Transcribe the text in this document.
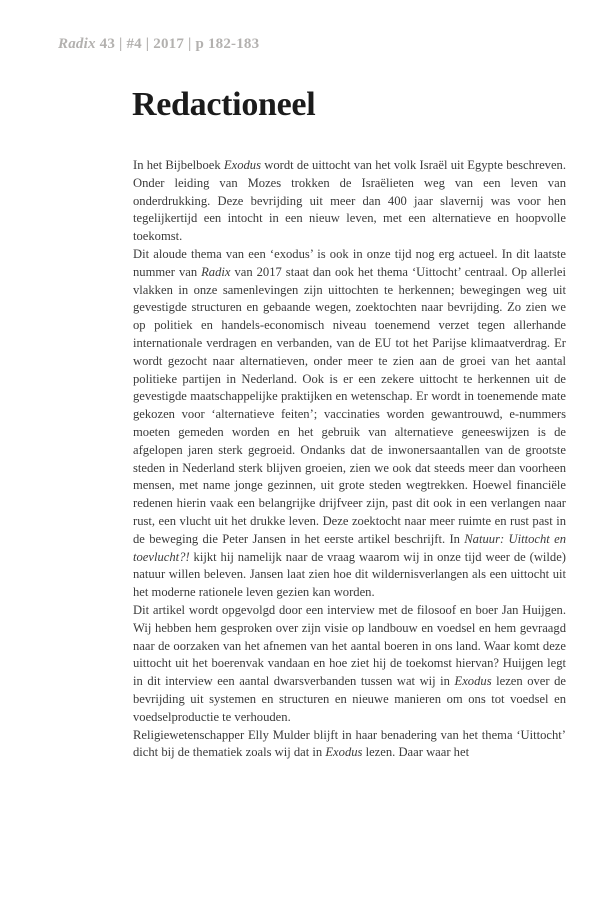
Radix 43 | #4 | 2017 | p 182-183
Redactioneel

In het Bijbelboek Exodus wordt de uittocht van het volk Israël uit Egypte beschreven. Onder leiding van Mozes trokken de Israëlieten weg van een leven van onderdrukking. Deze bevrijding uit meer dan 400 jaar slavernij was voor hen tegelijkertijd een intocht in een nieuw leven, met een alternatieve en hoopvolle toekomst.

Dit aloude thema van een ‘exodus’ is ook in onze tijd nog erg actueel. In dit laatste nummer van Radix van 2017 staat dan ook het thema ‘Uittocht’ centraal. Op allerlei vlakken in onze samenlevingen zijn uittochten te herkennen; bewegingen weg uit gevestigde structuren en gebaande wegen, zoektochten naar bevrijding. Zo zien we op politiek en handels-economisch niveau toenemend verzet tegen allerhande internationale verdragen en verbanden, van de EU tot het Parijse klimaatverdrag. Er wordt gezocht naar alternatieven, onder meer te zien aan de groei van het aantal politieke partijen in Nederland. Ook is er een zekere uittocht te herkennen uit de gevestigde maatschappelijke praktijken en wetenschap. Er wordt in toenemende mate gekozen voor ‘alternatieve feiten’; vaccinaties worden gewantrouwd, e-nummers moeten gemeden worden en het gebruik van alternatieve geneeswijzen is de afgelopen jaren sterk gegroeid. Ondanks dat de inwonersaantallen van de grootste steden in Nederland sterk blijven groeien, zien we ook dat steeds meer dan voorheen mensen, met name jonge gezinnen, uit grote steden wegtrekken. Hoewel financiële redenen hierin vaak een belangrijke drijfveer zijn, past dit ook in een verlangen naar rust, een vlucht uit het drukke leven. Deze zoektocht naar meer ruimte en rust past in de beweging die Peter Jansen in het eerste artikel beschrijft. In Natuur: Uittocht en toevlucht?! kijkt hij namelijk naar de vraag waarom wij in onze tijd weer de (wilde) natuur willen beleven. Jansen laat zien hoe dit wildernisverlangen als een uittocht uit het moderne rationele leven gezien kan worden.

Dit artikel wordt opgevolgd door een interview met de filosoof en boer Jan Huijgen. Wij hebben hem gesproken over zijn visie op landbouw en voedsel en hem gevraagd naar de oorzaken van het afnemen van het aantal boeren in ons land. Waar komt deze uittocht uit het boerenvak vandaan en hoe ziet hij de toekomst hiervan? Huijgen legt in dit interview een aantal dwarsverbanden tussen wat wij in Exodus lezen over de bevrijding uit systemen en structuren en nieuwe manieren om ons tot voedsel en voedselproductie te verhouden.

Religiewetenschapper Elly Mulder blijft in haar benadering van het thema ‘Uittocht’ dicht bij de thematiek zoals wij dat in Exodus lezen. Daar waar het
